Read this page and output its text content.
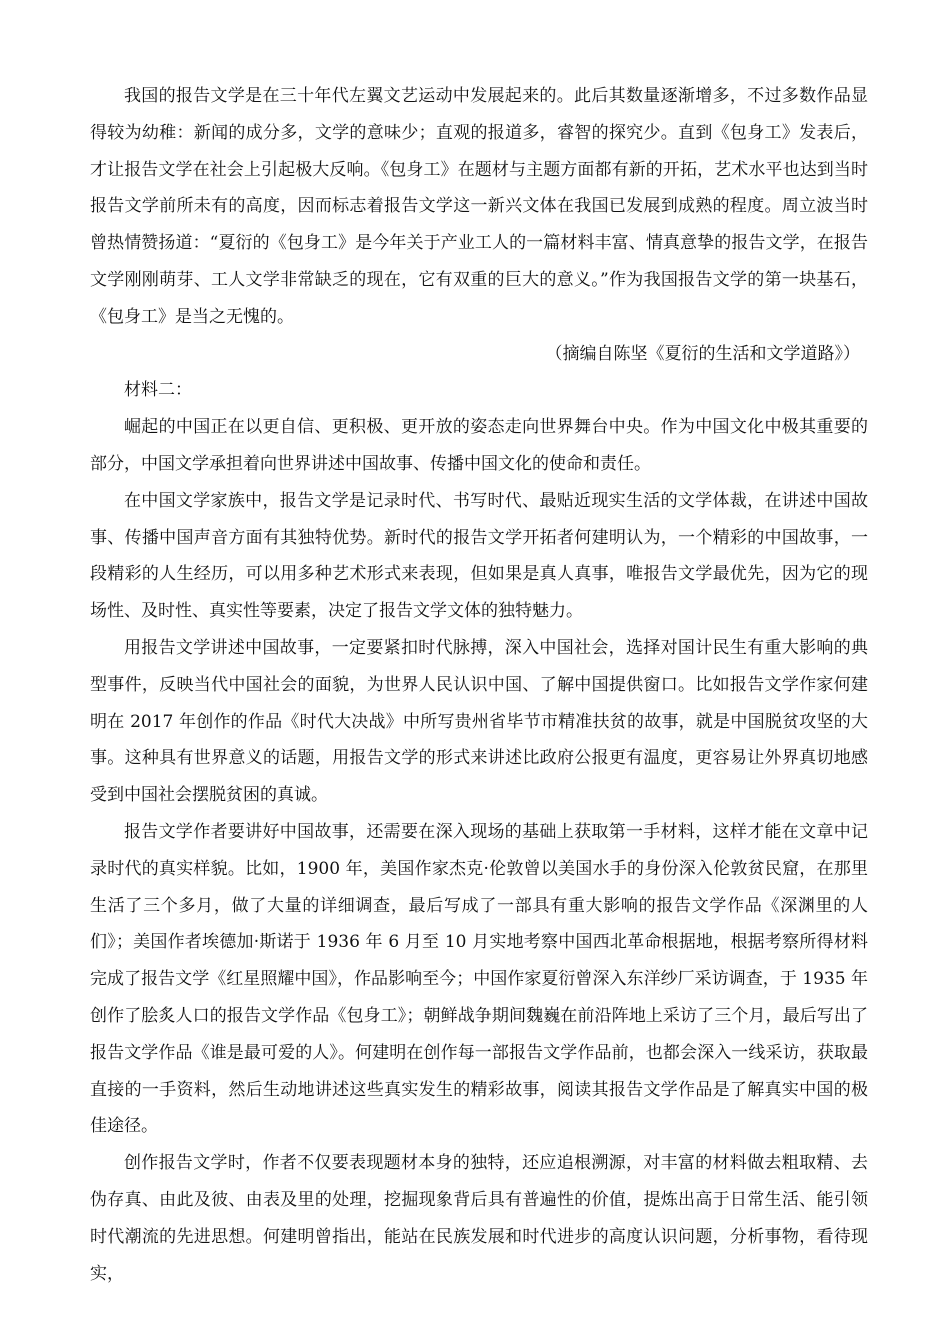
我国的报告文学是在三十年代左翼文艺运动中发展起来的。此后其数量逐渐增多，不过多数作品显得较为幼稚：新闻的成分多，文学的意味少；直观的报道多，睿智的探究少。直到《包身工》发表后，才让报告文学在社会上引起极大反响。《包身工》在题材与主题方面都有新的开拓，艺术水平也达到当时报告文学前所未有的高度，因而标志着报告文学这一新兴文体在我国已发展到成熟的程度。周立波当时曾热情赞扬道：“夏衍的《包身工》是今年关于产业工人的一篇材料丰富、情真意挚的报告文学，在报告文学刚刚萌芽、工人文学非常缺乏的现在，它有双重的巨大的意义。”作为我国报告文学的第一块基石，《包身工》是当之无愧的。

（摘编自陈坚《夏衍的生活和文学道路》）

材料二：

崛起的中国正在以更自信、更积极、更开放的姿态走向世界舞台中央。作为中国文化中极其重要的部分，中国文学承担着向世界讲述中国故事、传播中国文化的使命和责任。

在中国文学家族中，报告文学是记录时代、书写时代、最贴近现实生活的文学体裁，在讲述中国故事、传播中国声音方面有其独特优势。新时代的报告文学开拓者何建明认为，一个精彩的中国故事，一段精彩的人生经历，可以用多种艺术形式来表现，但如果是真人真事，唯报告文学最优先，因为它的现场性、及时性、真实性等要素，决定了报告文学文体的独特魅力。

用报告文学讲述中国故事，一定要紧扣时代脉搏，深入中国社会，选择对国计民生有重大影响的典型事件，反映当代中国社会的面貌，为世界人民认识中国、了解中国提供窗口。比如报告文学作家何建明在 2017 年创作的作品《时代大决战》中所写贵州省毕节市精准扶贫的故事，就是中国脱贫攻坚的大事。这种具有世界意义的话题，用报告文学的形式来讲述比政府公报更有温度，更容易让外界真切地感受到中国社会摆脱贫困的真诚。

报告文学作者要讲好中国故事，还需要在深入现场的基础上获取第一手材料，这样才能在文章中记录时代的真实样貌。比如，1900 年，美国作家杰克·伦敦曾以美国水手的身份深入伦敦贫民窟，在那里生活了三个多月，做了大量的详细调查，最后写成了一部具有重大影响的报告文学作品《深渊里的人们》；美国作者埃德加·斯诺于 1936 年 6 月至 10 月实地考察中国西北革命根据地，根据考察所得材料完成了报告文学《红星照耀中国》，作品影响至今；中国作家夏衍曾深入东洋纱厂采访调查，于 1935 年创作了脍炙人口的报告文学作品《包身工》；朝鲜战争期间魏巍在前沿阵地上采访了三个月，最后写出了报告文学作品《谁是最可爱的人》。何建明在创作每一部报告文学作品前，也都会深入一线采访，获取最直接的一手资料，然后生动地讲述这些真实发生的精彩故事，阅读其报告文学作品是了解真实中国的极佳途径。

创作报告文学时，作者不仅要表现题材本身的独特，还应追根溯源，对丰富的材料做去粗取精、去伪存真、由此及彼、由表及里的处理，挖掘现象背后具有普遍性的价值，提炼出高于日常生活、能引领时代潮流的先进思想。何建明曾指出，能站在民族发展和时代进步的高度认识问题，分析事物，看待现实，
